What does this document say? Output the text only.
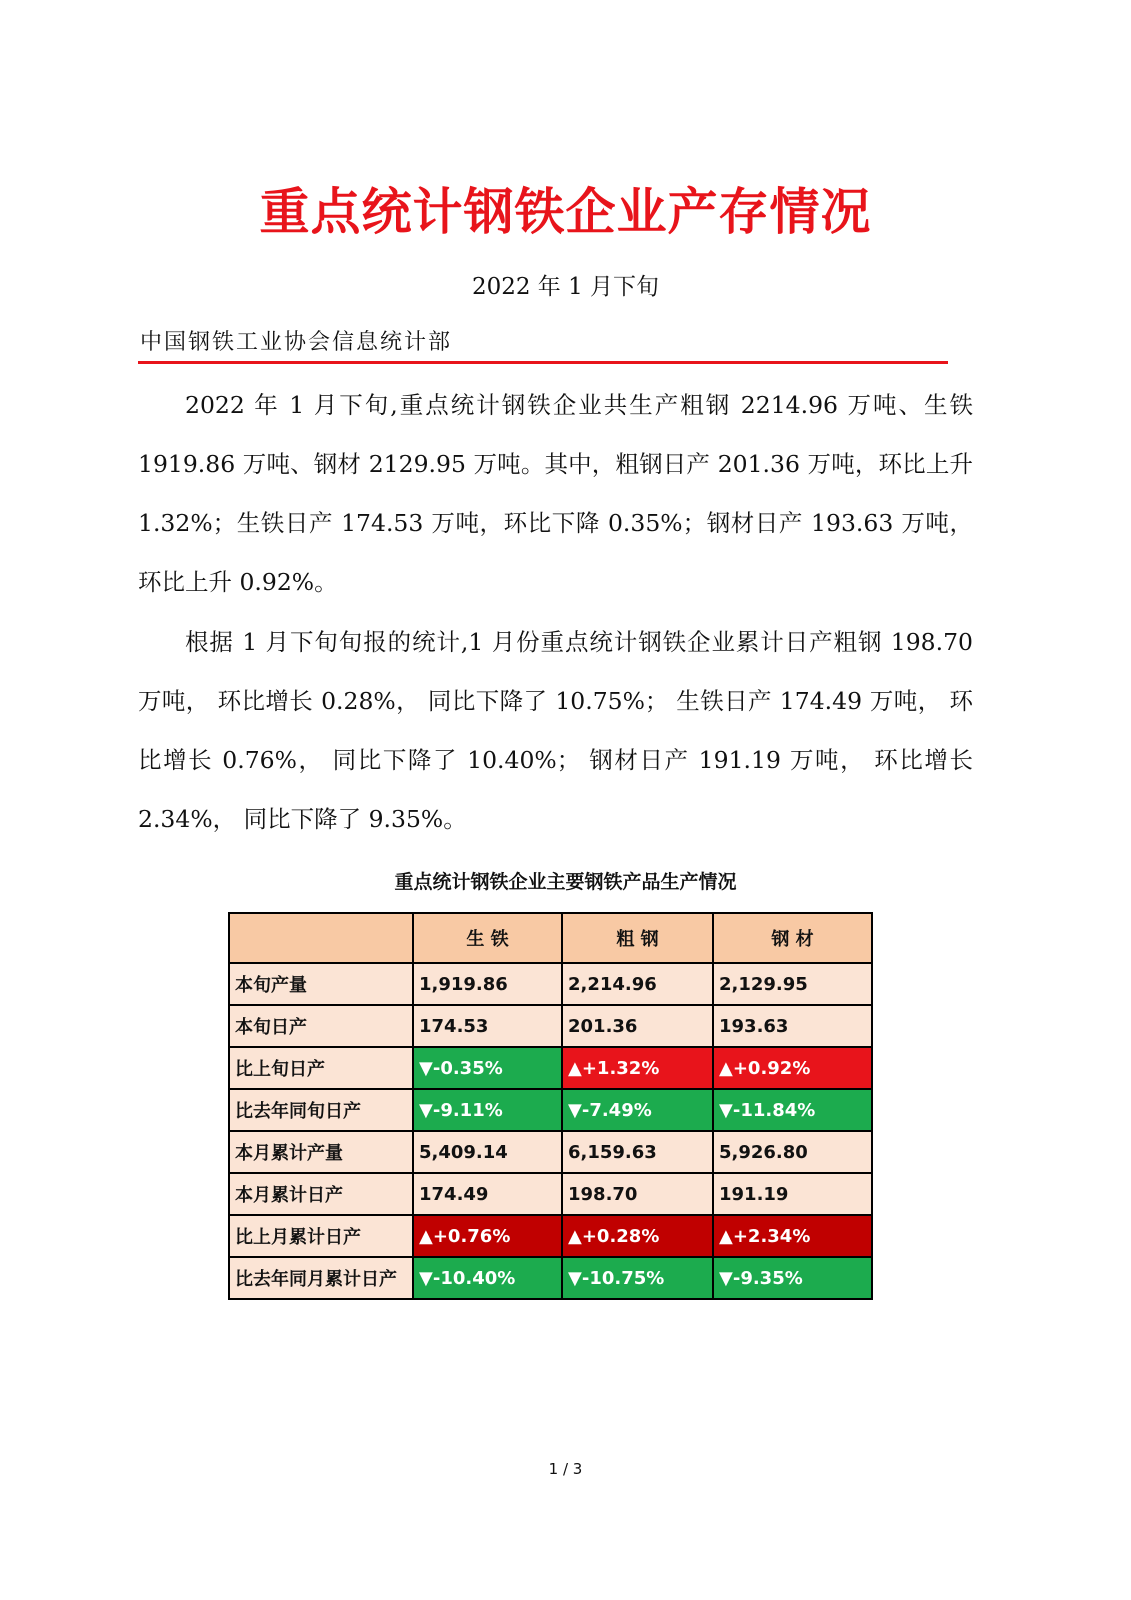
重点统计钢铁企业产存情况
2022 年 1 月下旬
中国钢铁工业协会信息统计部
2022 年 1 月下旬,重点统计钢铁企业共生产粗钢 2214.96 万吨、生铁 1919.86 万吨、钢材 2129.95 万吨。其中，粗钢日产 201.36 万吨，环比上升 1.32%；生铁日产 174.53 万吨，环比下降 0.35%；钢材日产 193.63 万吨，环比上升 0.92%。
根据 1 月下旬旬报的统计,1 月份重点统计钢铁企业累计日产粗钢 198.70 万吨， 环比增长 0.28%， 同比下降了 10.75%； 生铁日产 174.49 万吨， 环比增长 0.76%， 同比下降了 10.40%； 钢材日产 191.19 万吨， 环比增长 2.34%， 同比下降了 9.35%。
重点统计钢铁企业主要钢铁产品生产情况
	生 铁	粗 钢	钢 材
本旬产量	1,919.86	2,214.96	2,129.95
本旬日产	174.53	201.36	193.63
比上旬日产	▼-0.35%	▲+1.32%	▲+0.92%
比去年同旬日产	▼-9.11%	▼-7.49%	▼-11.84%
本月累计产量	5,409.14	6,159.63	5,926.80
本月累计日产	174.49	198.70	191.19
比上月累计日产	▲+0.76%	▲+0.28%	▲+2.34%
比去年同月累计日产	▼-10.40%	▼-10.75%	▼-9.35%
1 / 3
